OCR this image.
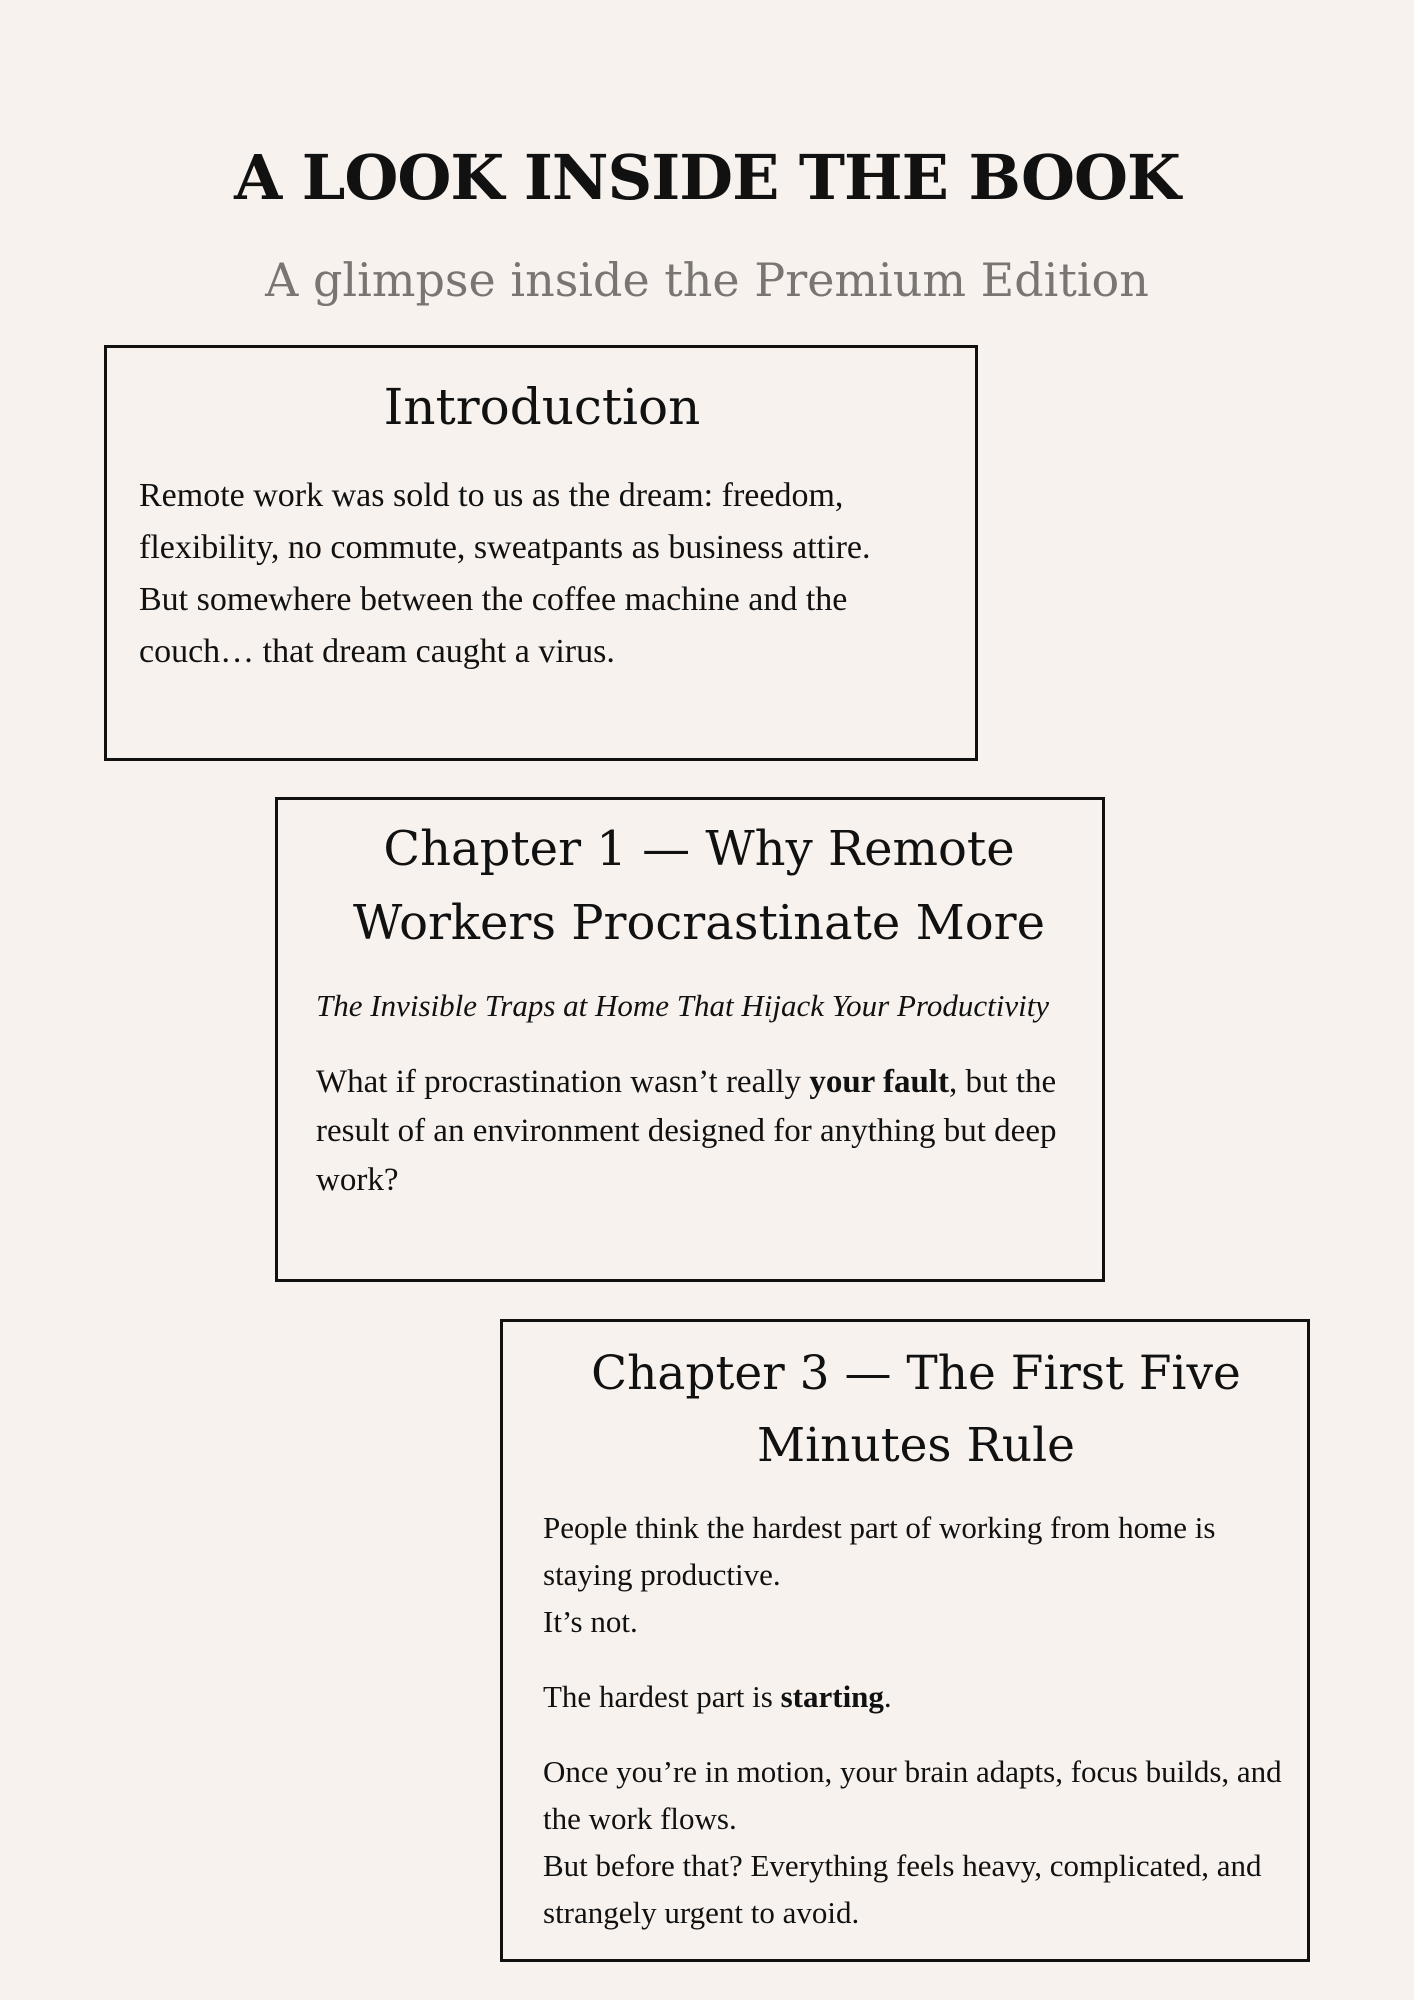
A LOOK INSIDE THE BOOK
A glimpse inside the Premium Edition
Introduction

Remote work was sold to us as the dream: freedom, flexibility, no commute, sweatpants as business attire.
But somewhere between the coffee machine and the couch… that dream caught a virus.

Chapter 1 — Why Remote Workers Procrastinate More

The Invisible Traps at Home That Hijack Your Productivity

What if procrastination wasn’t really your fault, but the result of an environment designed for anything but deep work?

Chapter 3 — The First Five Minutes Rule

People think the hardest part of working from home is staying productive.
It’s not.

The hardest part is starting.

Once you’re in motion, your brain adapts, focus builds, and the work flows.
But before that? Everything feels heavy, complicated, and strangely urgent to avoid.
